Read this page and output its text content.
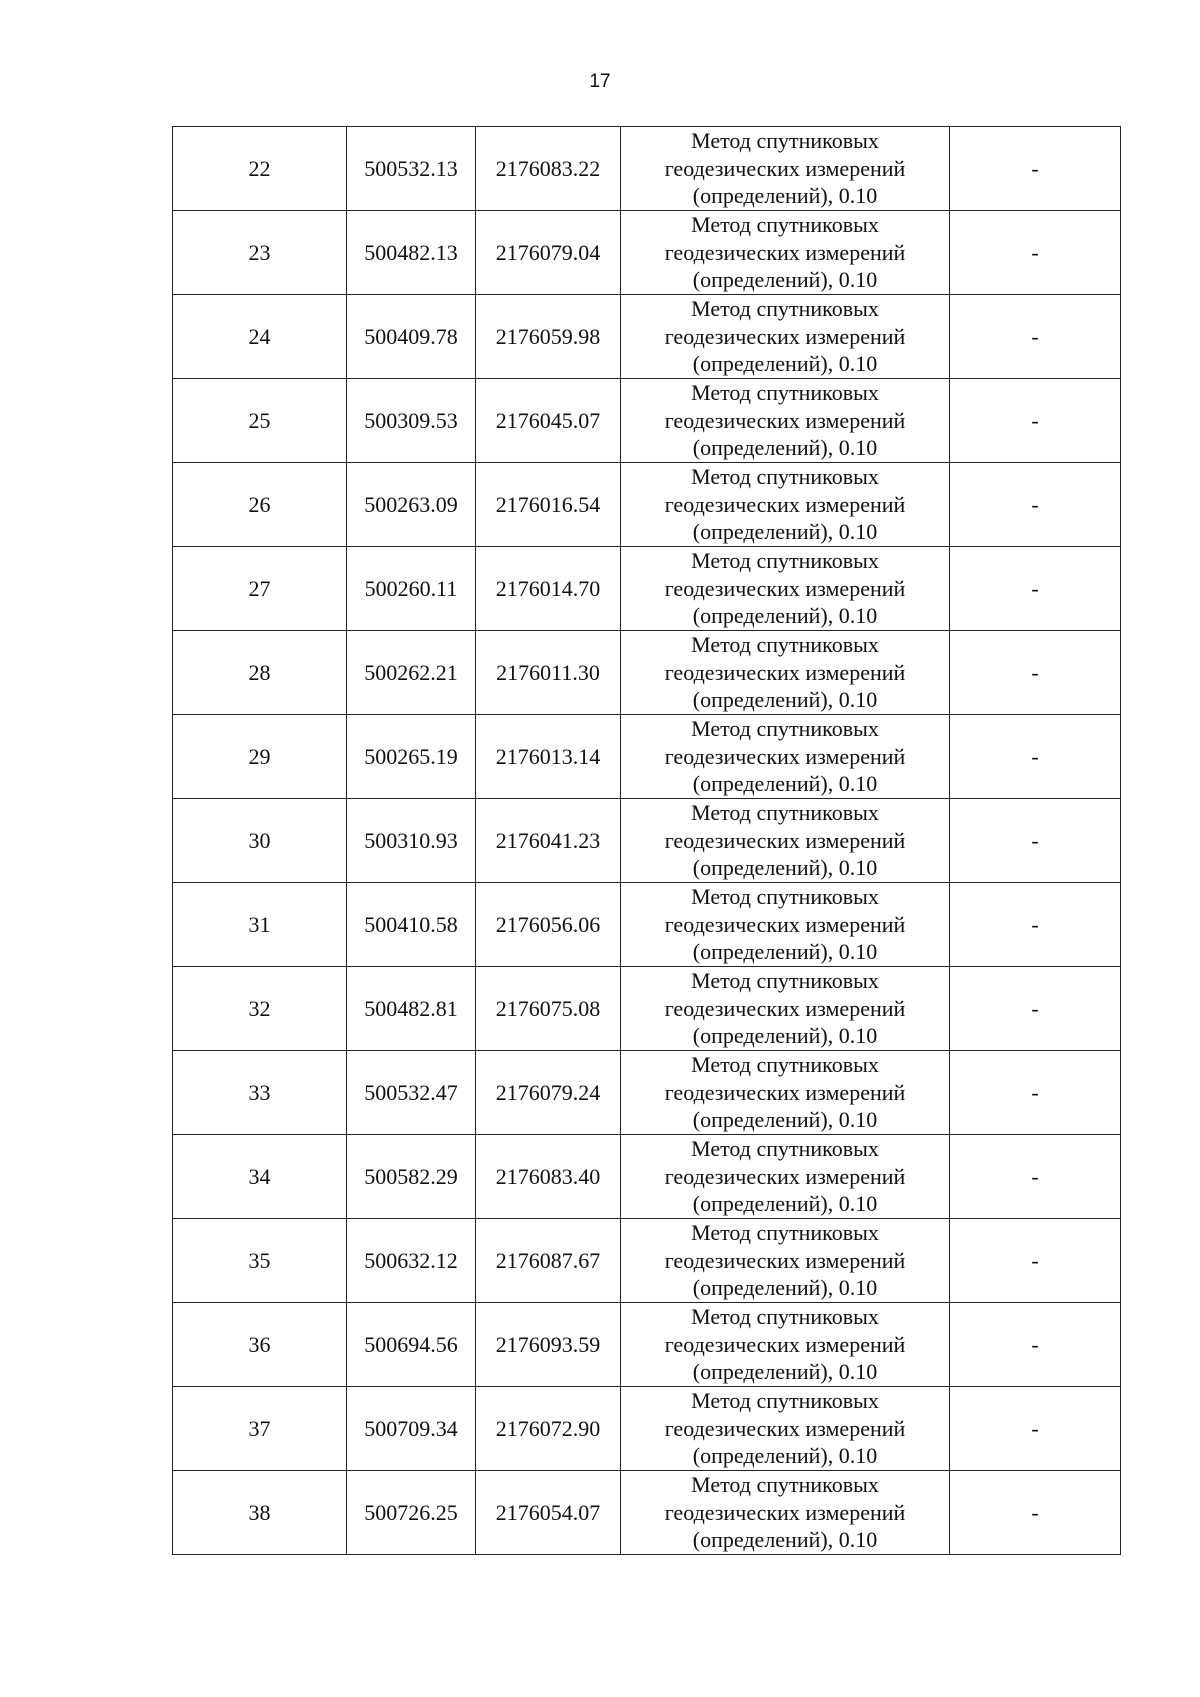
17
22	500532.13	2176083.22	Метод спутниковых
геодезических измерений
(определений), 0.10	-
23	500482.13	2176079.04	Метод спутниковых
геодезических измерений
(определений), 0.10	-
24	500409.78	2176059.98	Метод спутниковых
геодезических измерений
(определений), 0.10	-
25	500309.53	2176045.07	Метод спутниковых
геодезических измерений
(определений), 0.10	-
26	500263.09	2176016.54	Метод спутниковых
геодезических измерений
(определений), 0.10	-
27	500260.11	2176014.70	Метод спутниковых
геодезических измерений
(определений), 0.10	-
28	500262.21	2176011.30	Метод спутниковых
геодезических измерений
(определений), 0.10	-
29	500265.19	2176013.14	Метод спутниковых
геодезических измерений
(определений), 0.10	-
30	500310.93	2176041.23	Метод спутниковых
геодезических измерений
(определений), 0.10	-
31	500410.58	2176056.06	Метод спутниковых
геодезических измерений
(определений), 0.10	-
32	500482.81	2176075.08	Метод спутниковых
геодезических измерений
(определений), 0.10	-
33	500532.47	2176079.24	Метод спутниковых
геодезических измерений
(определений), 0.10	-
34	500582.29	2176083.40	Метод спутниковых
геодезических измерений
(определений), 0.10	-
35	500632.12	2176087.67	Метод спутниковых
геодезических измерений
(определений), 0.10	-
36	500694.56	2176093.59	Метод спутниковых
геодезических измерений
(определений), 0.10	-
37	500709.34	2176072.90	Метод спутниковых
геодезических измерений
(определений), 0.10	-
38	500726.25	2176054.07	Метод спутниковых
геодезических измерений
(определений), 0.10	-
